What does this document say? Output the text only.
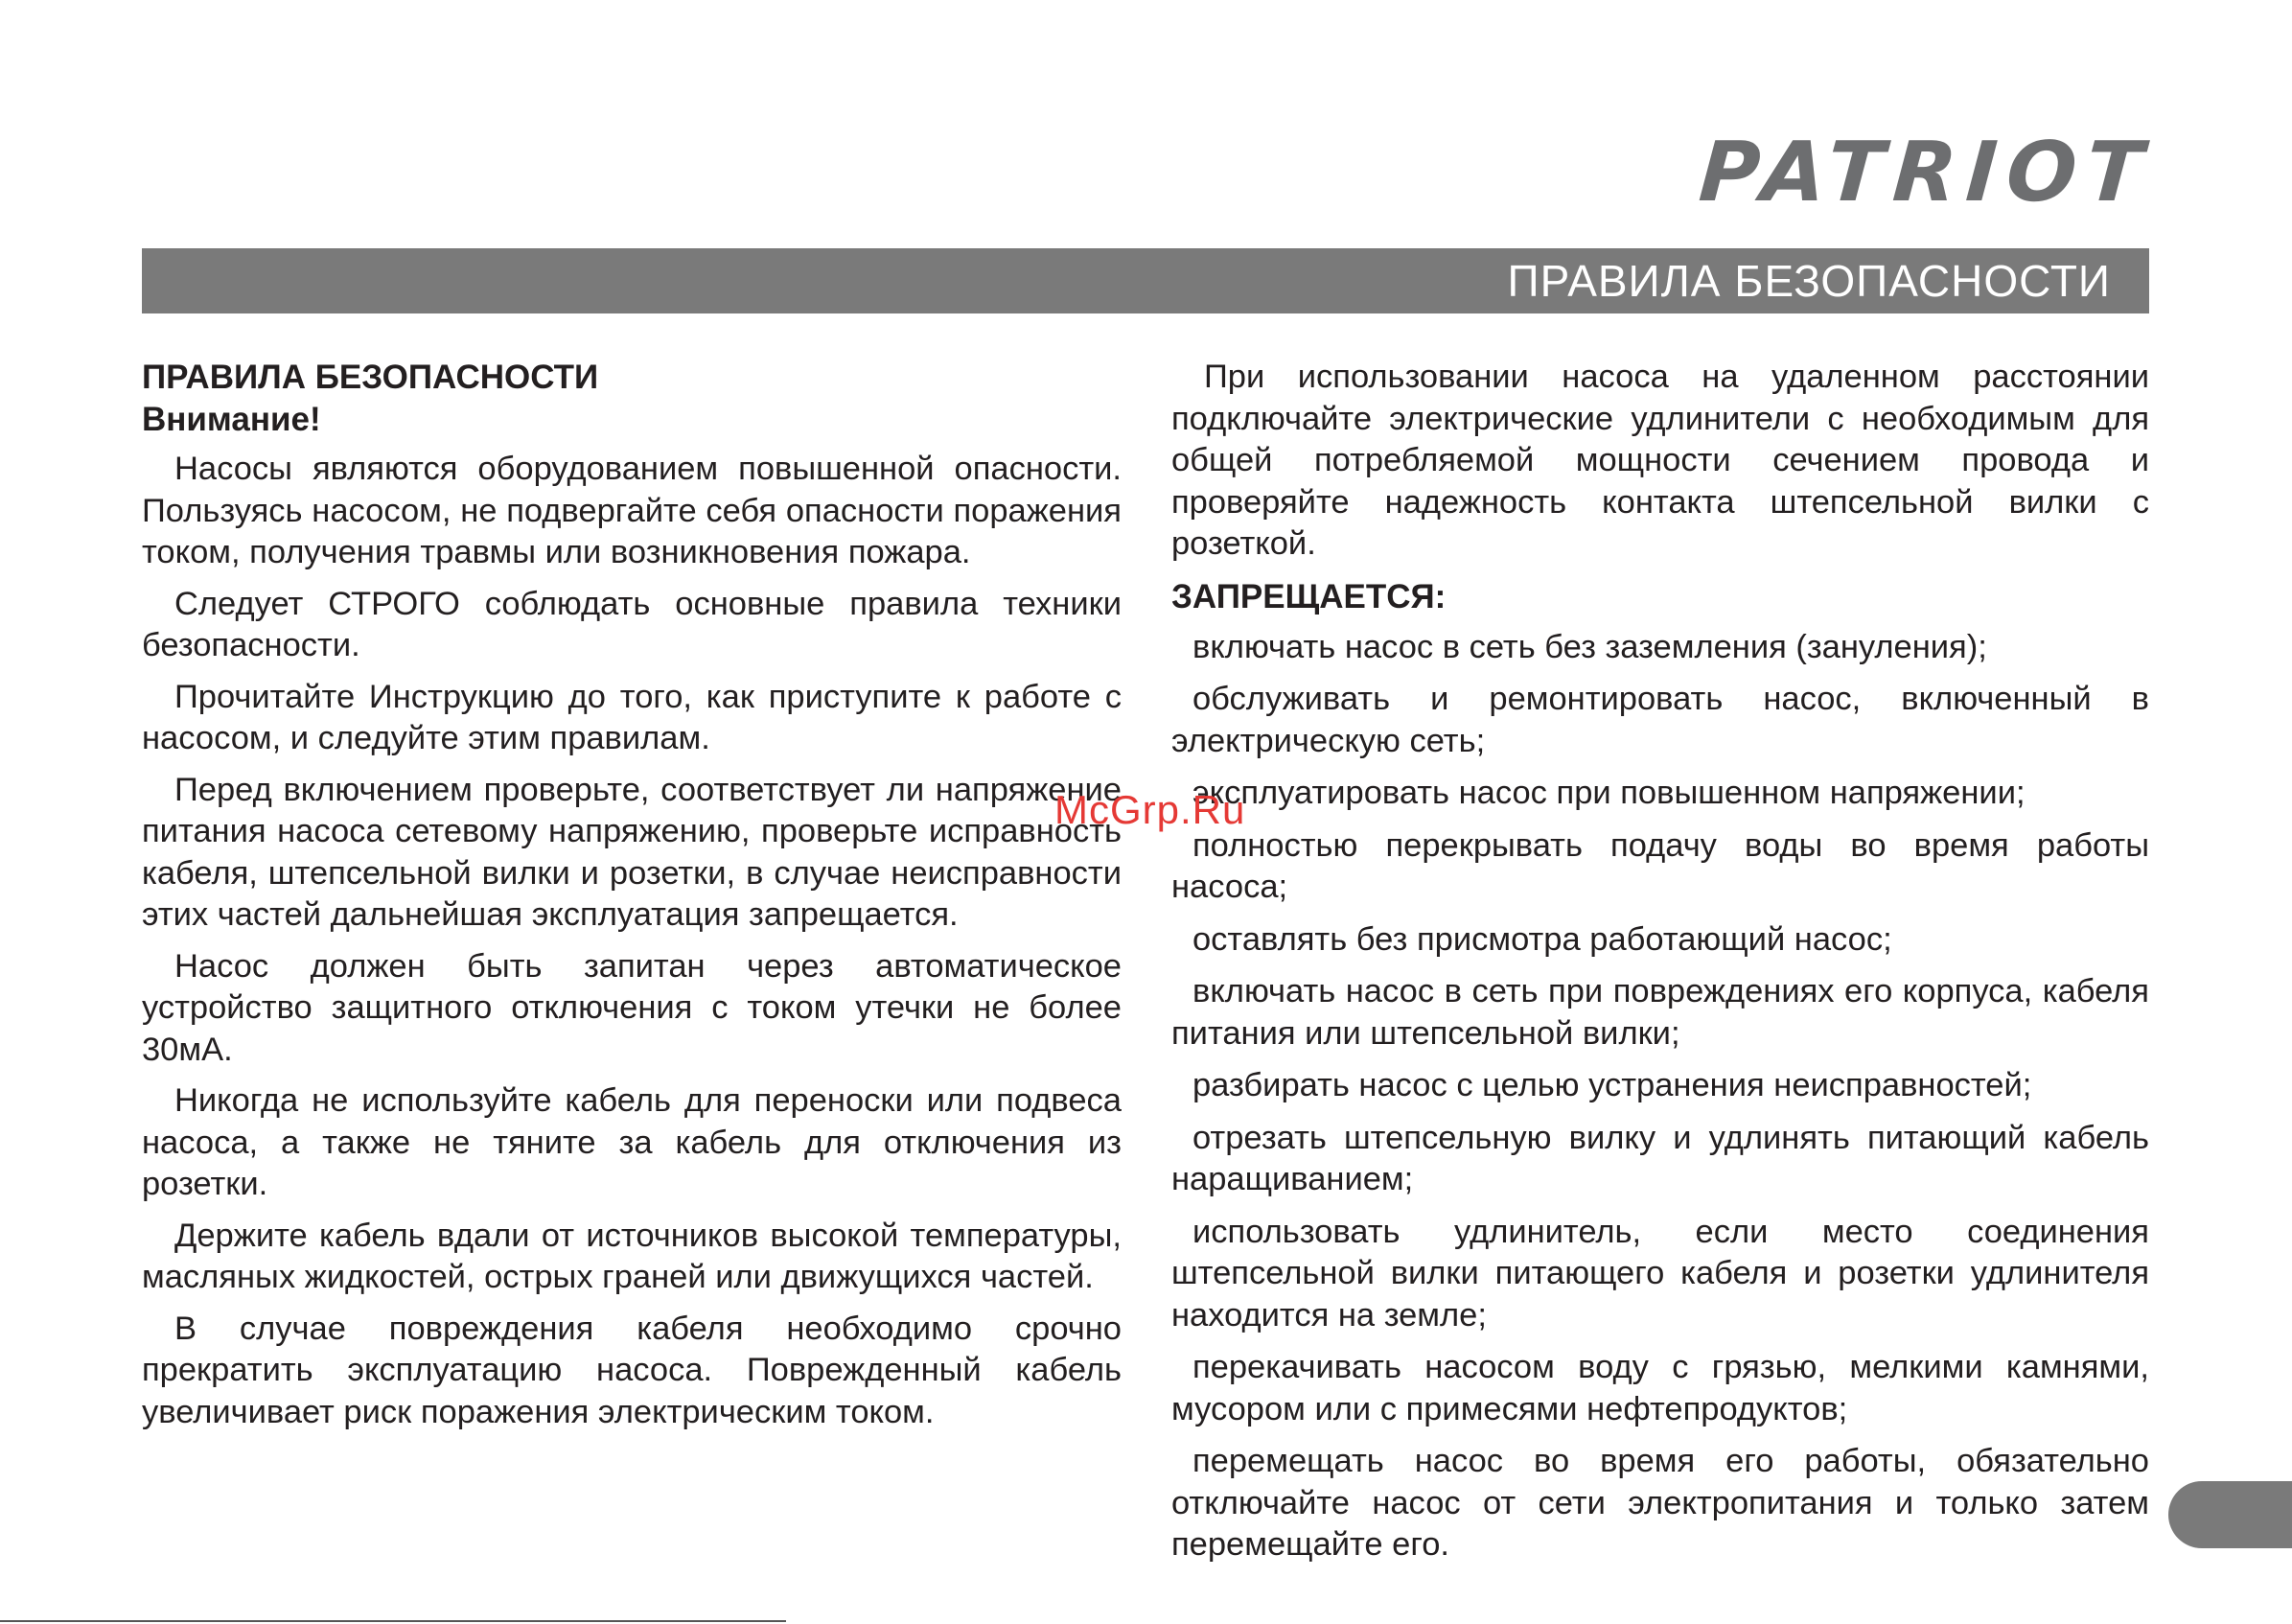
PATRIOT
ПРАВИЛА БЕЗОПАСНОСТИ
ПРАВИЛА БЕЗОПАСНОСТИ
Внимание!

Насосы являются оборудованием повышенной опасности. Пользуясь насосом, не подвергайте себя опасности поражения током, получения травмы или возникновения пожара.

Следует СТРОГО соблюдать основные правила техники безопасности.

Прочитайте Инструкцию до того, как приступите к работе с насосом, и следуйте этим правилам.

Перед включением проверьте, соответствует ли напряжение питания насоса сетевому напряжению, проверьте исправность кабеля, штепсельной вилки и розетки, в случае неисправности этих частей дальнейшая эксплуатация запрещается.

Насос должен быть запитан через автоматическое устройство защитного отключения с током утечки не более 30мА.

Никогда не используйте кабель для переноски или подвеса насоса, а также не тяните за кабель для отключения из розетки.

Держите кабель вдали от источников высокой температуры, масляных жидкостей, острых граней или движущихся частей.

В случае повреждения кабеля необходимо срочно прекратить эксплуатацию насоса. Поврежденный кабель увеличивает риск поражения электрическим током.

При использовании насоса на удаленном расстоянии подключайте электрические удлинители с необходимым для общей потребляемой мощности сечением провода и проверяйте надежность контакта штепсельной вилки с розеткой.

ЗАПРЕЩАЕТСЯ:

включать насос в сеть без заземления (зануления);

обслуживать и ремонтировать насос, включенный в электрическую сеть;

эксплуатировать насос при повышенном напряжении;

полностью перекрывать подачу воды во время работы насоса;

оставлять без присмотра работающий насос;

включать насос в сеть при повреждениях его корпуса, кабеля питания или штепсельной вилки;

разбирать насос с целью устранения неисправностей;

отрезать штепсельную вилку и удлинять питающий кабель наращиванием;

использовать удлинитель, если место соединения штепсельной вилки питающего кабеля и розетки удлинителя находится на земле;

перекачивать насосом воду с грязью, мелкими камнями, мусором или с примесями нефтепродуктов;

перемещать насос во время его работы, обязательно отключайте насос от сети электропитания и только затем перемещайте его.

McGrp.Ru
